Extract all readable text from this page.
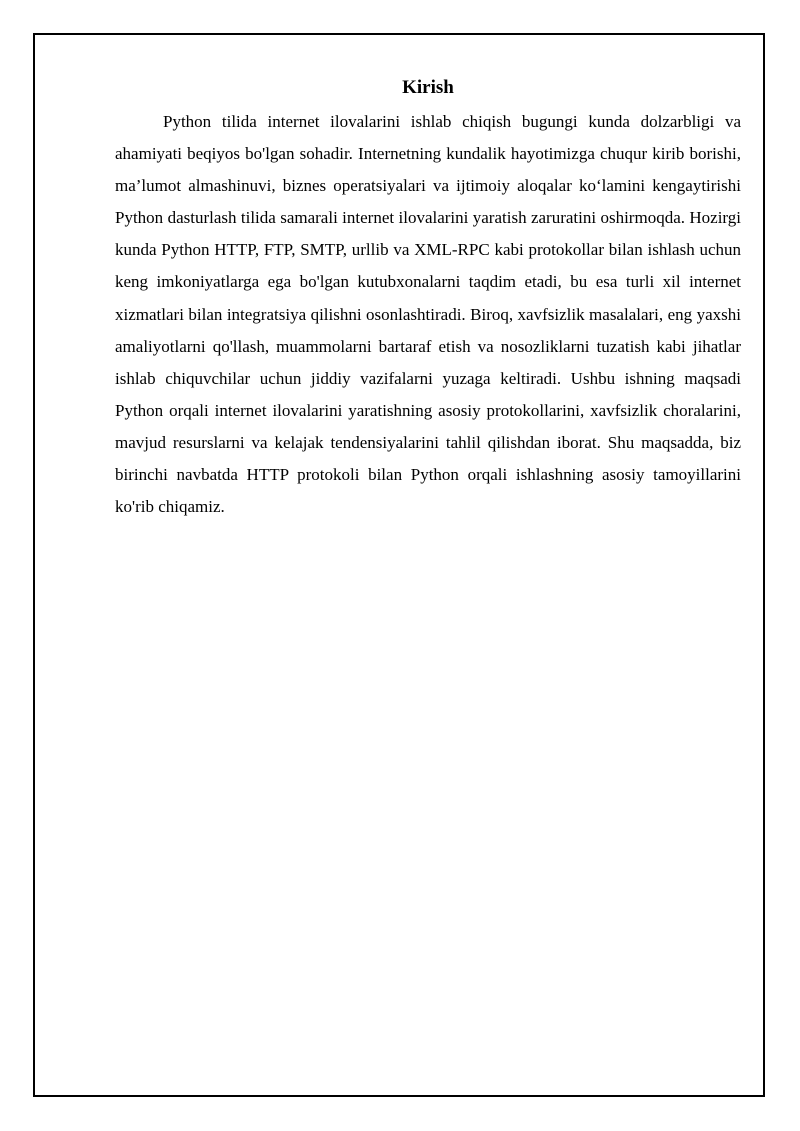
Kirish

Python tilida internet ilovalarini ishlab chiqish bugungi kunda dolzarbligi va ahamiyati beqiyos bo'lgan sohadir. Internetning kundalik hayotimizga chuqur kirib borishi, ma’lumot almashinuvi, biznes operatsiyalari va ijtimoiy aloqalar ko‘lamini kengaytirishi Python dasturlash tilida samarali internet ilovalarini yaratish zaruratini oshirmoqda. Hozirgi kunda Python HTTP, FTP, SMTP, urllib va XML-RPC kabi protokollar bilan ishlash uchun keng imkoniyatlarga ega bo'lgan kutubxonalarni taqdim etadi, bu esa turli xil internet xizmatlari bilan integratsiya qilishni osonlashtiradi. Biroq, xavfsizlik masalalari, eng yaxshi amaliyotlarni qo'llash, muammolarni bartaraf etish va nosozliklarni tuzatish kabi jihatlar ishlab chiquvchilar uchun jiddiy vazifalarni yuzaga keltiradi. Ushbu ishning maqsadi Python orqali internet ilovalarini yaratishning asosiy protokollarini, xavfsizlik choralarini, mavjud resurslarni va kelajak tendensiyalarini tahlil qilishdan iborat. Shu maqsadda, biz birinchi navbatda HTTP protokoli bilan Python orqali ishlashning asosiy tamoyillarini ko'rib chiqamiz.
